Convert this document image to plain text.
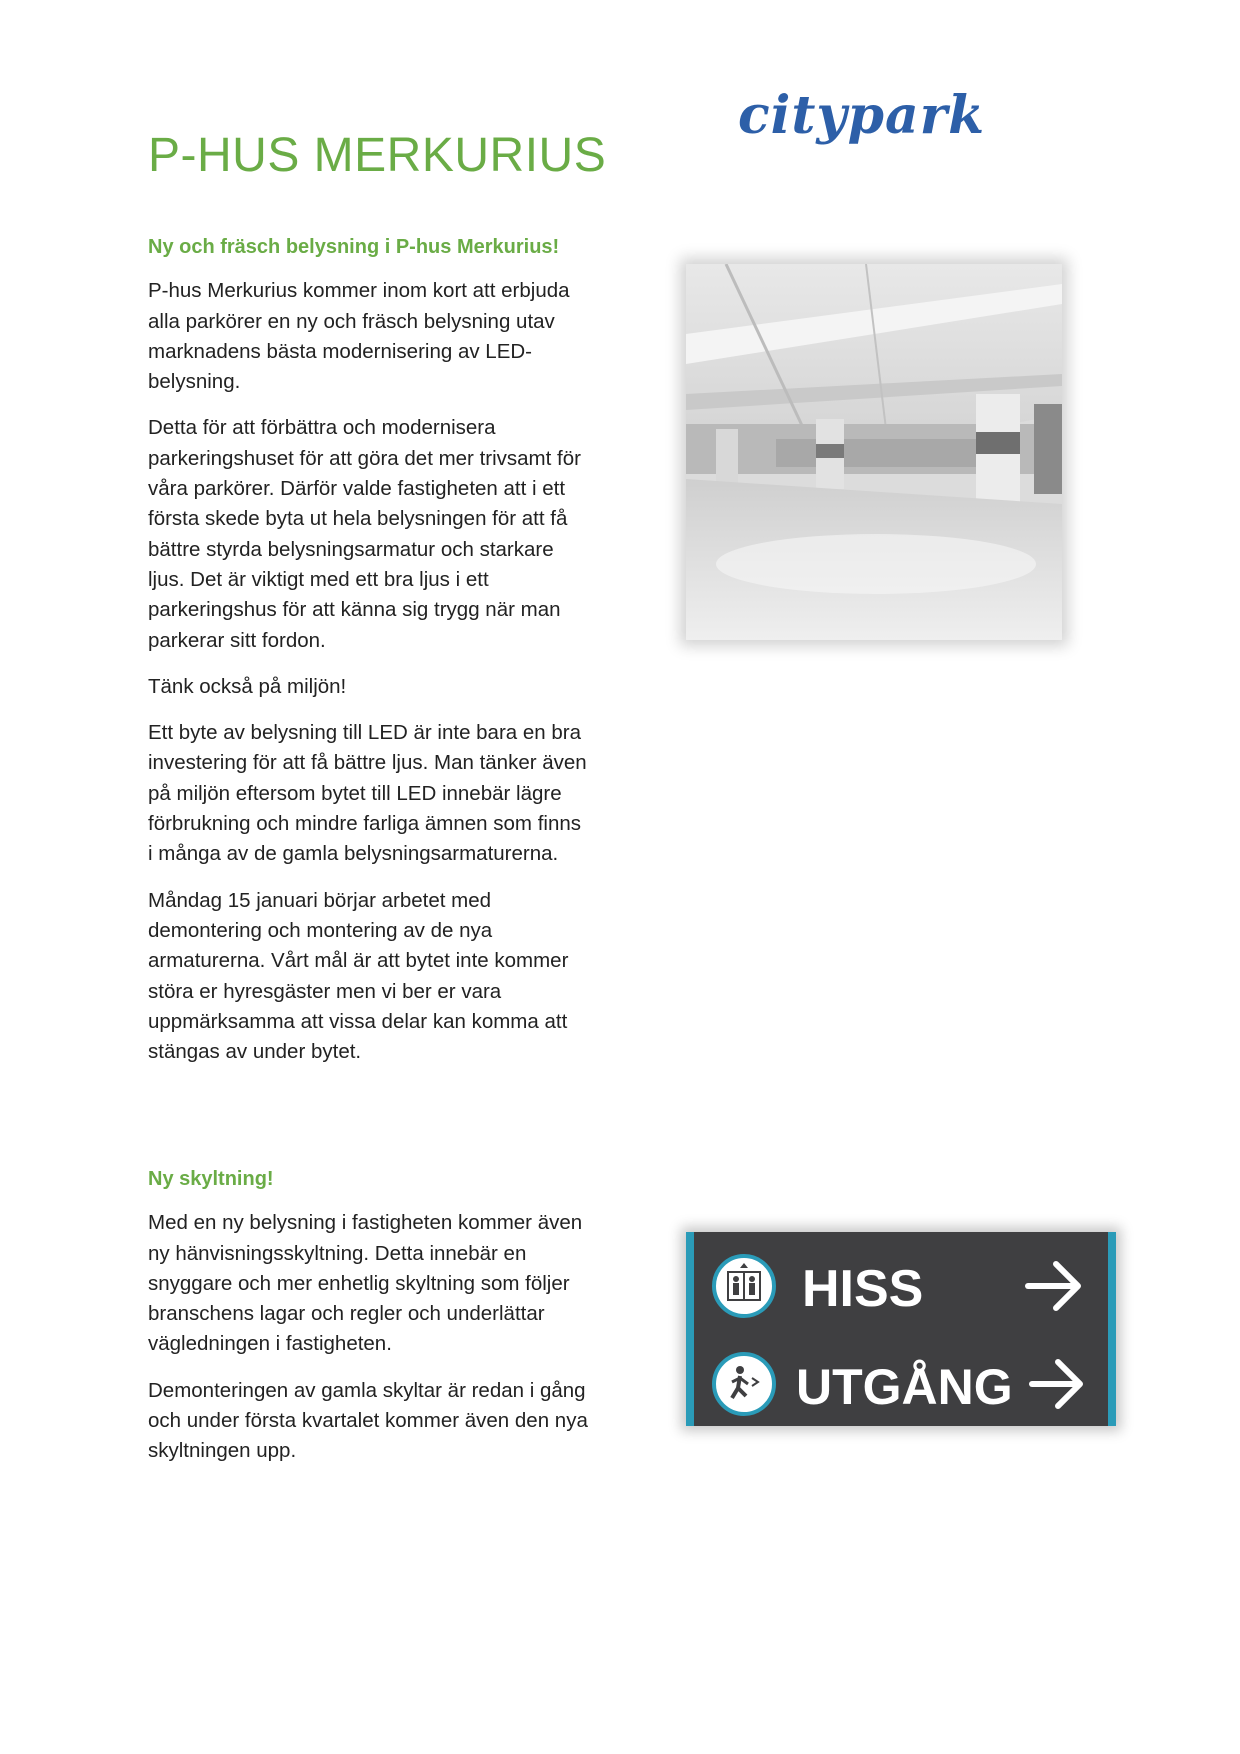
P-HUS MERKURIUS
citypark

Ny och fräsch belysning i P-hus Merkurius!

P-hus Merkurius kommer inom kort att erbjuda alla parkörer en ny och fräsch belysning utav marknadens bästa modernisering av LED-belysning.

Detta för att förbättra och modernisera parkeringshuset för att göra det mer trivsamt för våra parkörer. Därför valde fastigheten att i ett första skede byta ut hela belysningen för att få bättre styrda belysningsarmatur och starkare ljus. Det är viktigt med ett bra ljus i ett parkeringshus för att känna sig trygg när man parkerar sitt fordon.

Tänk också på miljön!

Ett byte av belysning till LED är inte bara en bra investering för att få bättre ljus. Man tänker även på miljön eftersom bytet till LED innebär lägre förbrukning och mindre farliga ämnen som finns i många av de gamla belysningsarmaturerna.

Måndag 15 januari börjar arbetet med demontering och montering av de nya armaturerna. Vårt mål är att bytet inte kommer störa er hyresgäster men vi ber er vara uppmärksamma att vissa delar kan komma att stängas av under bytet.

Ny skyltning!

Med en ny belysning i fastigheten kommer även ny hänvisningsskyltning. Detta innebär en snyggare och mer enhetlig skyltning som följer branschens lagar och regler och underlättar vägledningen i fastigheten.

Demonteringen av gamla skyltar är redan i gång och under första kvartalet kommer även den nya skyltningen upp.

HISS
UTGÅNG
